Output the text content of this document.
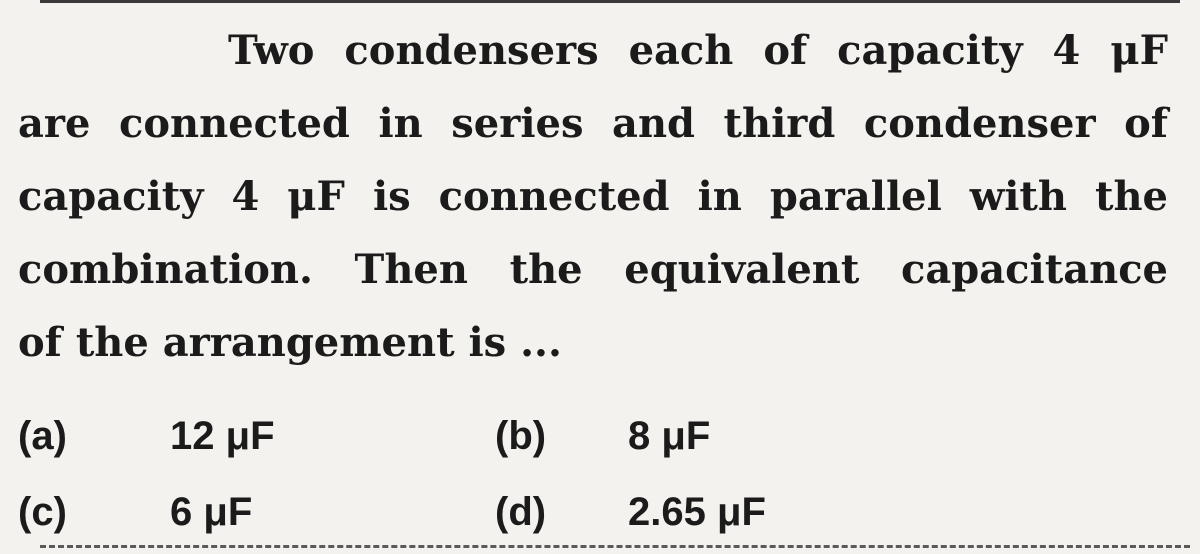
Two condensers each of capacity 4 μF
are connected in series and third condenser of
capacity 4 μF is connected in parallel with the
combination. Then the equivalent capacitance
of the arrangement is ...
(a)	12 μF	(b) 8 μF
(c)	6 μF	(d) 2.65 μF
